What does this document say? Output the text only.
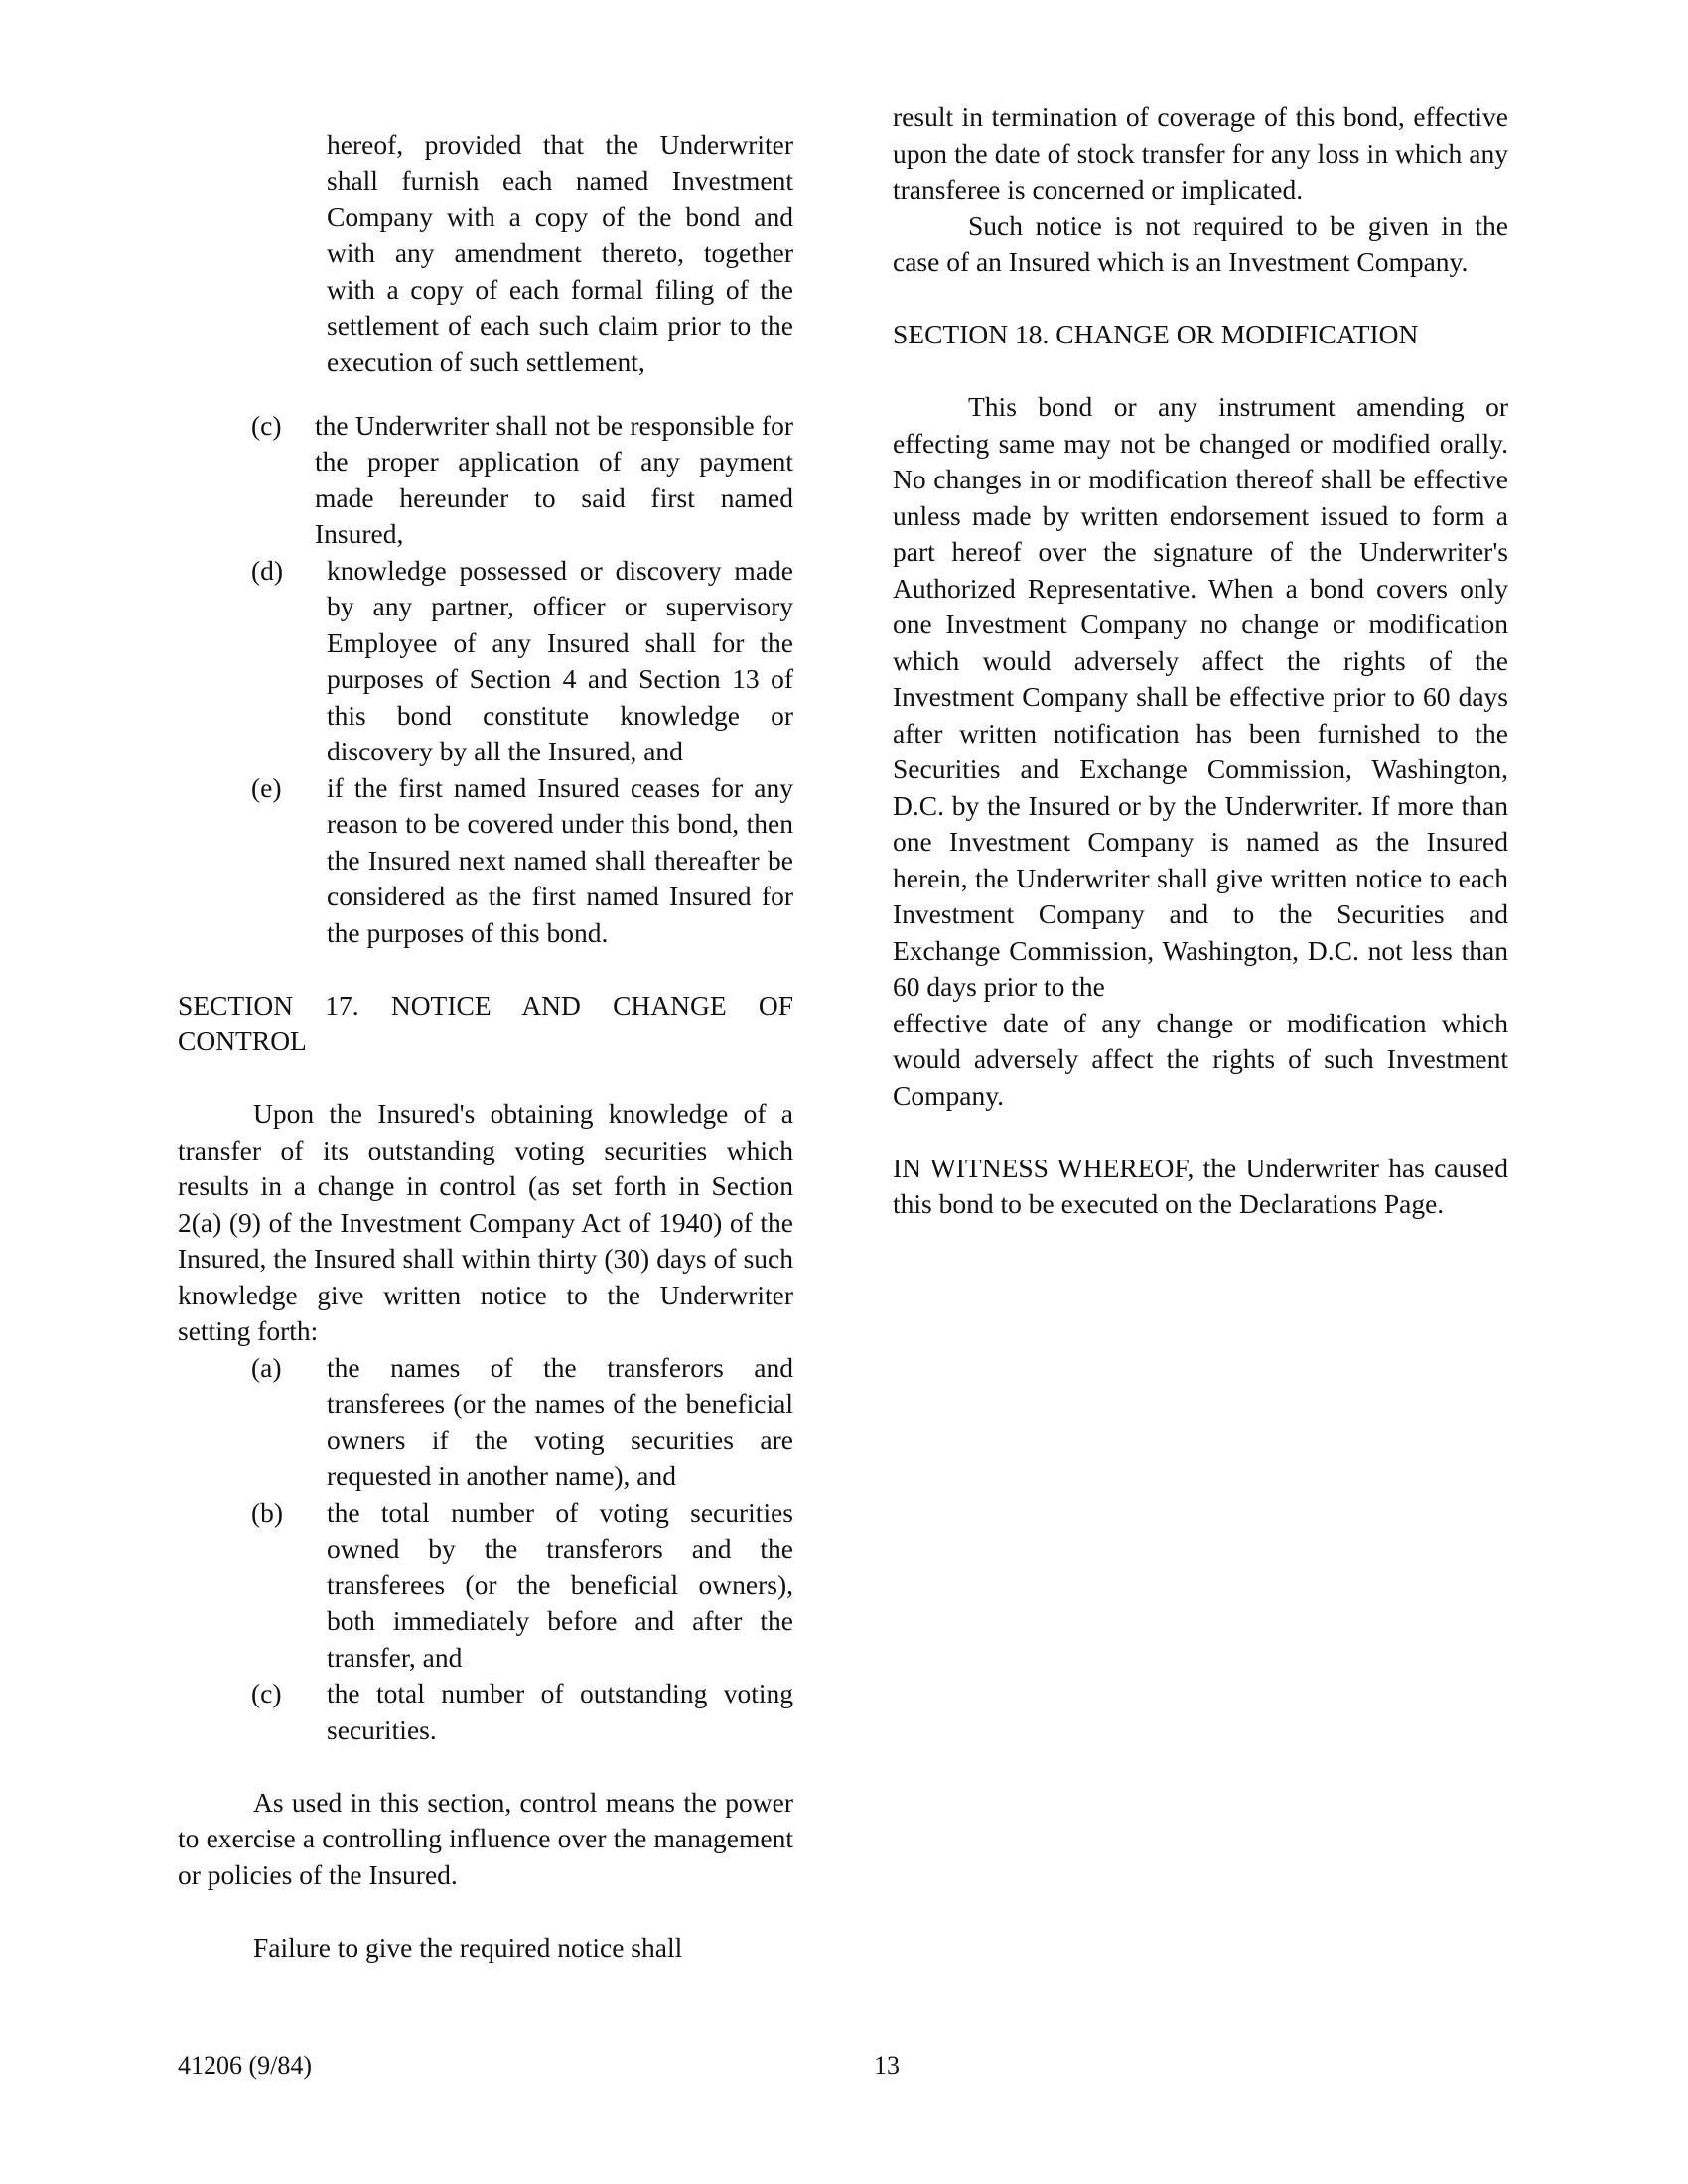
hereof, provided that the Underwriter shall furnish each named Investment Company with a copy of the bond and with any amendment thereto, together with a copy of each formal filing of the settlement of each such claim prior to the execution of such settlement,

(c) the Underwriter shall not be responsible for the proper application of any payment made hereunder to said first named Insured,
(d) knowledge possessed or discovery made by any partner, officer or supervisory Employee of any Insured shall for the purposes of Section 4 and Section 13 of this bond constitute knowledge or discovery by all the Insured, and
(e) if the first named Insured ceases for any reason to be covered under this bond, then the Insured next named shall thereafter be considered as the first named Insured for the purposes of this bond.

SECTION 17. NOTICE AND CHANGE OF CONTROL

Upon the Insured's obtaining knowledge of a transfer of its outstanding voting securities which results in a change in control (as set forth in Section 2(a) (9) of the Investment Company Act of 1940) of the Insured, the Insured shall within thirty (30) days of such knowledge give written notice to the Underwriter setting forth:

(a) the names of the transferors and transferees (or the names of the beneficial owners if the voting securities are requested in another name), and
(b) the total number of voting securities owned by the transferors and the transferees (or the beneficial owners), both immediately before and after the transfer, and
(c) the total number of outstanding voting securities.

As used in this section, control means the power to exercise a controlling influence over the management or policies of the Insured.

Failure to give the required notice shall

result in termination of coverage of this bond, effective upon the date of stock transfer for any loss in which any transferee is concerned or implicated.

Such notice is not required to be given in the case of an Insured which is an Investment Company.

SECTION 18. CHANGE OR MODIFICATION

This bond or any instrument amending or effecting same may not be changed or modified orally. No changes in or modification thereof shall be effective unless made by written endorsement issued to form a part hereof over the signature of the Underwriter's Authorized Representative. When a bond covers only one Investment Company no change or modification which would adversely affect the rights of the Investment Company shall be effective prior to 60 days after written notification has been furnished to the Securities and Exchange Commission, Washington, D.C. by the Insured or by the Underwriter. If more than one Investment Company is named as the Insured herein, the Underwriter shall give written notice to each Investment Company and to the Securities and Exchange Commission, Washington, D.C. not less than 60 days prior to the

effective date of any change or modification which would adversely affect the rights of such Investment Company.

IN WITNESS WHEREOF, the Underwriter has caused this bond to be executed on the Declarations Page.

41206 (9/84)	13
